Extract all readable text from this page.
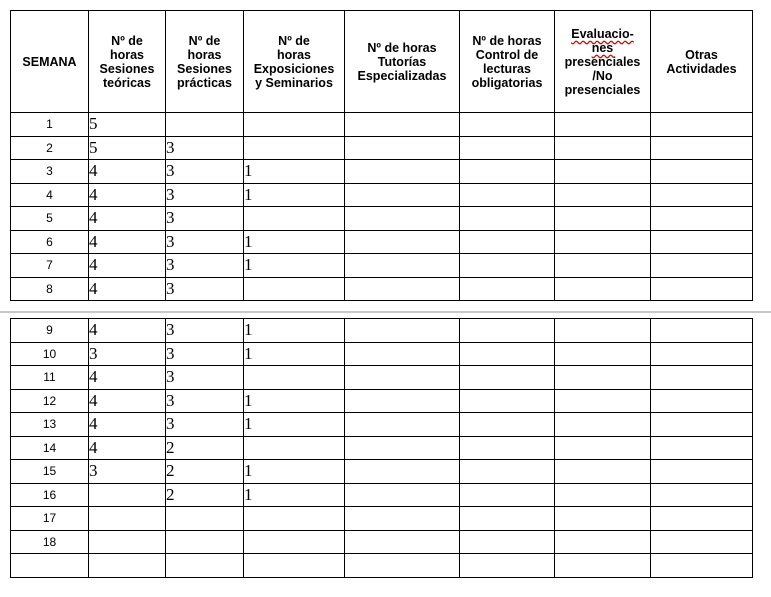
SEMANA	Nº de
horas
Sesiones
teóricas	Nº de
horas
Sesiones
prácticas	Nº de
horas
Exposiciones
y Seminarios	Nº de horas
Tutorías
Especializadas	Nº de horas
Control de
lecturas
obligatorias	Evaluacio-
nes
presenciales
/No
presenciales	Otras
Actividades

1	5						
2	5	3					
3	4	3	1				
4	4	3	1				
5	4	3					
6	4	3	1				
7	4	3	1				
8	4	3					
9	4	3	1				
10	3	3	1				
11	4	3					
12	4	3	1				
13	4	3	1				
14	4	2					
15	3	2	1				
16		2	1				
17							
18							
